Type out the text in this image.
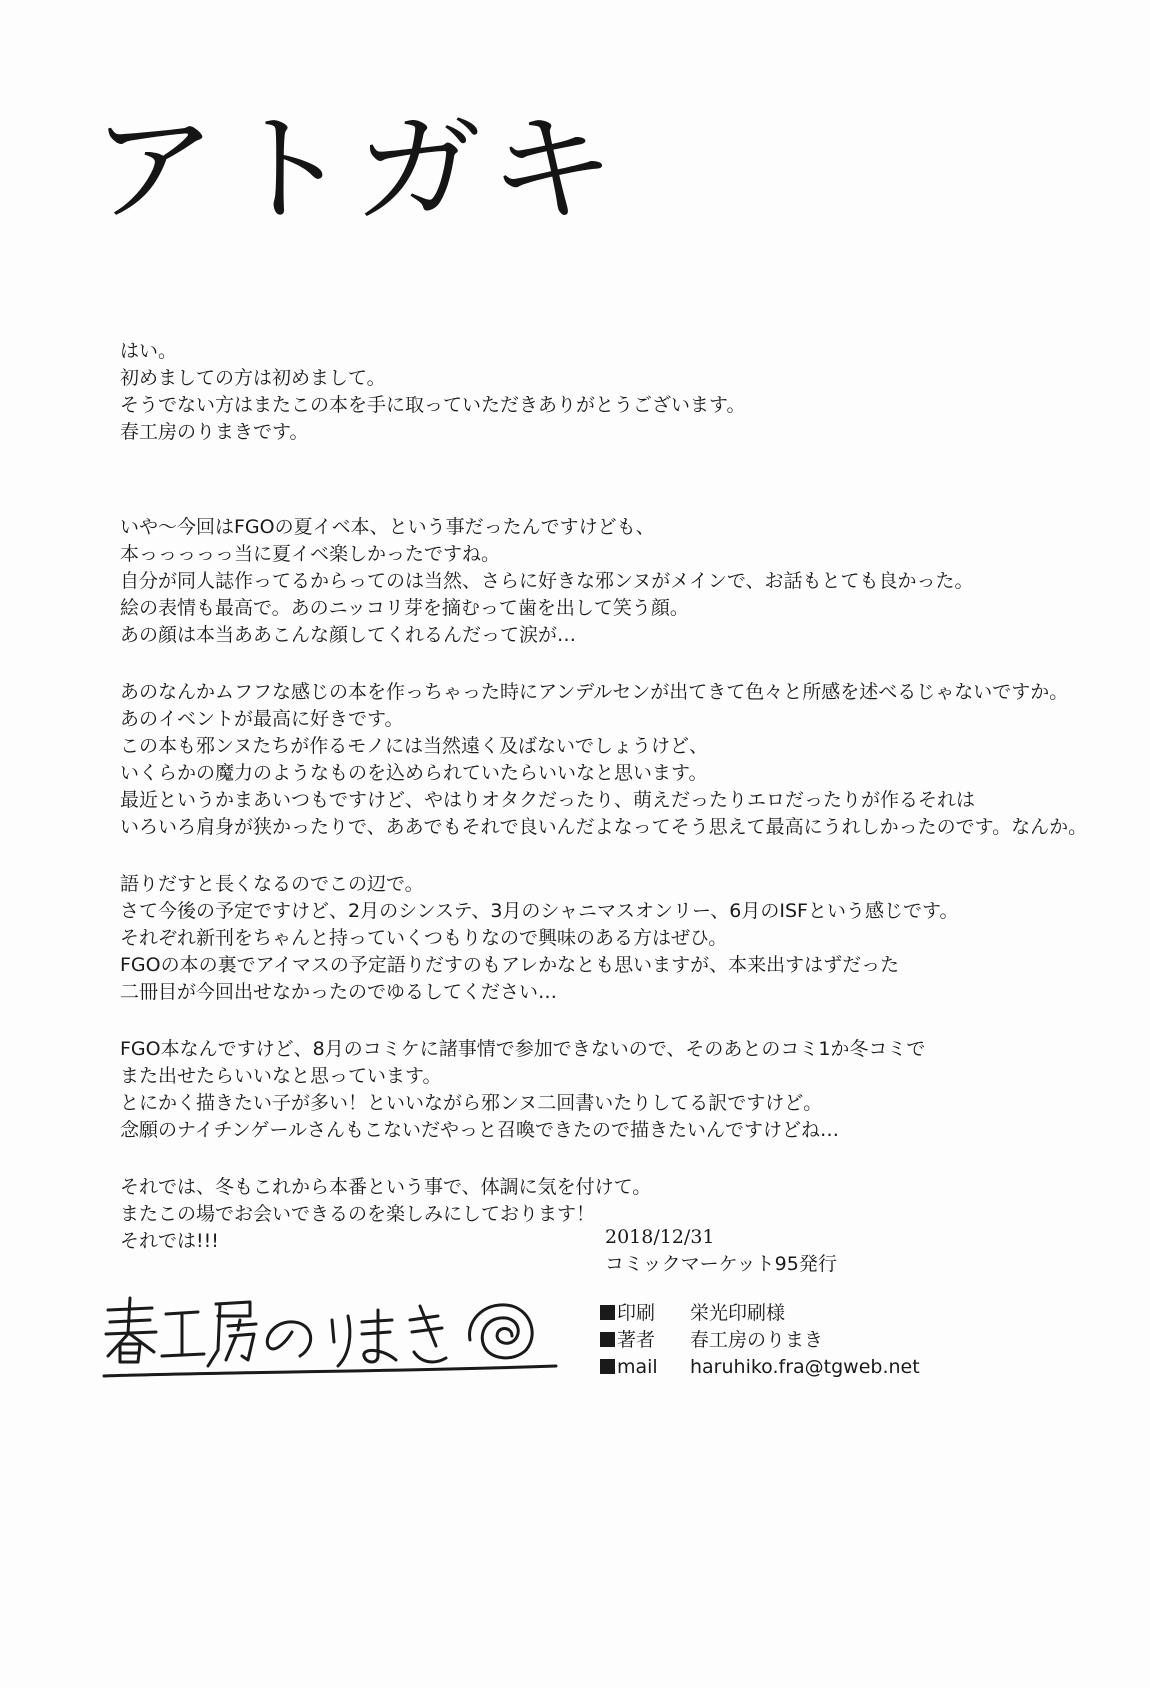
アトガキ
はい。
初めましての方は初めまして。
そうでない方はまたこの本を手に取っていただきありがとうございます。
春工房のりまきです。
いや～今回はFGOの夏イベ本、という事だったんですけども、
本っっっっっ当に夏イベ楽しかったですね。
自分が同人誌作ってるからってのは当然、さらに好きな邪ンヌがメインで、お話もとても良かった。
絵の表情も最高で。あのニッコリ芽を摘むって歯を出して笑う顔。
あの顔は本当ああこんな顔してくれるんだって涙が…
あのなんかムフフな感じの本を作っちゃった時にアンデルセンが出てきて色々と所感を述べるじゃないですか。
あのイベントが最高に好きです。
この本も邪ンヌたちが作るモノには当然遠く及ばないでしょうけど、
いくらかの魔力のようなものを込められていたらいいなと思います。
最近というかまあいつもですけど、やはりオタクだったり、萌えだったりエロだったりが作るそれは
いろいろ肩身が狭かったりで、ああでもそれで良いんだよなってそう思えて最高にうれしかったのです。なんか。
語りだすと長くなるのでこの辺で。
さて今後の予定ですけど、2月のシンステ、3月のシャニマスオンリー、6月のISFという感じです。
それぞれ新刊をちゃんと持っていくつもりなので興味のある方はぜひ。
FGOの本の裏でアイマスの予定語りだすのもアレかなとも思いますが、本来出すはずだった
二冊目が今回出せなかったのでゆるしてください…
FGO本なんですけど、8月のコミケに諸事情で参加できないので、そのあとのコミ1か冬コミで
また出せたらいいなと思っています。
とにかく描きたい子が多い！といいながら邪ンヌ二回書いたりしてる訳ですけど。
念願のナイチンゲールさんもこないだやっと召喚できたので描きたいんですけどね…
それでは、冬もこれから本番という事で、体調に気を付けて。
またこの場でお会いできるのを楽しみにしております！
それでは!!!	2018/12/31
コミックマーケット95発行
印刷	栄光印刷様
著者	春工房のりまき
mail	haruhiko.fra@tgweb.net
